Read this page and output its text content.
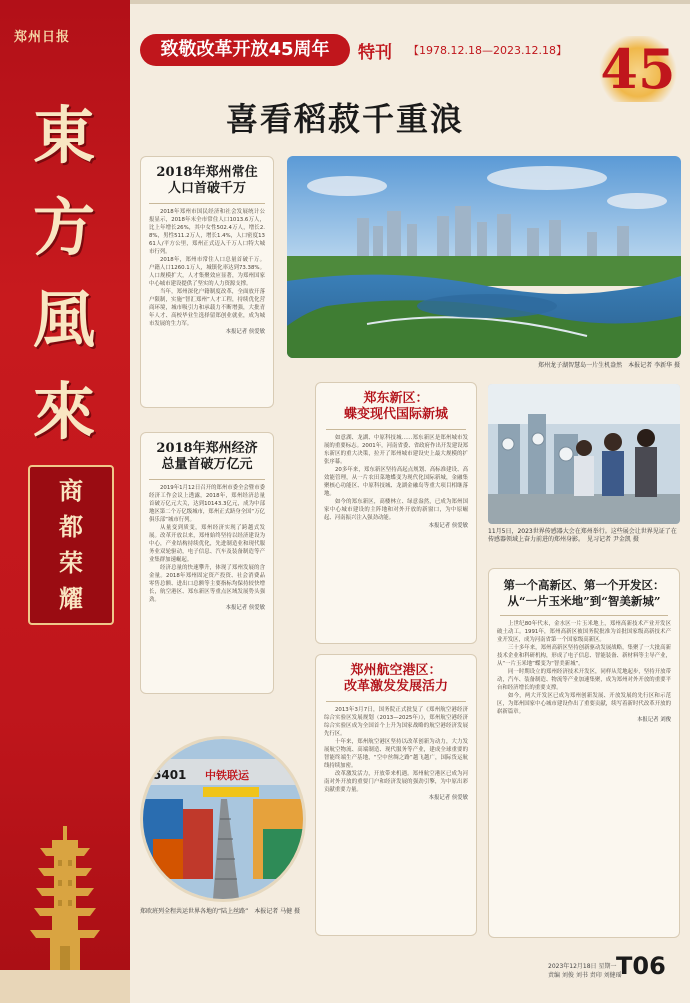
郑州日报
東方風來
商都荣耀
致敬改革开放45周年	特刊 【1978.12.18—2023.12.18】 45
喜看稻菽千重浪
2018年郑州常住
人口首破千万

2018年郑州市国民经济和社会发展统计公报显示，2018年末全市常住人口1013.6万人，比上年增长26%，其中女性502.4万人，增长2.8%，男性511.2万人，增长1.4%，人口密度1361人/平方公里，郑州正式迈入千万人口特大城市行列。

2018年，郑州市常住人口总量首破千万。户籍人口1260.1万人，城镇化率达到73.38%。人口规模扩大，人才集聚效应显著，为郑州国家中心城市建设提供了坚实的人力资源支撑。

当年，郑州深化户籍制度改革，全面放开落户限制，实施“智汇郑州”人才工程，持续优化营商环境，城市吸引力和承载力不断增强，大批青年人才、高校毕业生选择留郑创业就业，成为城市发展的生力军。

本报记者 侯爱敏

2018年郑州经济
总量首破万亿元

2019年1月12日召开的郑州市委全会暨市委经济工作会议上透露，2018年，郑州经济总量首破万亿元大关，达到10143.3亿元，成为中部地区第二个万亿级城市，郑州正式跻身全国“万亿俱乐部”城市行列。

从量变到质变，郑州经济实现了跨越式发展。改革开放以来，郑州始终坚持以经济建设为中心，产业结构持续优化，先进制造业和现代服务业双轮驱动，电子信息、汽车及装备制造等产业集群加速崛起。

经济总量的快速攀升，体现了郑州发展的含金量。2018年郑州固定资产投资、社会消费品零售总额、进出口总额等主要指标均保持较快增长，航空港区、郑东新区等重点区域发展势头强劲。

本报记者 侯爱敏

郑州龙子湖智慧岛一片生机盎然　本报记者 李新华 摄
郑东新区：
蝶变现代国际新城

如意湖、龙湖、中原科技城……郑东新区是郑州城市发展的重要标志。2001年，河南省委、省政府作出开发建设郑东新区的重大决策，拉开了郑州城市建设史上最大规模的扩张序幕。

20多年来，郑东新区坚持高起点规划、高标准建设、高效能管理，从一片农田菜地蝶变为现代化国际新城，金融集聚核心功能区、中原科技城、龙湖金融岛等重大项目相继落地。

如今的郑东新区，高楼林立、绿意盎然，已成为郑州国家中心城市建设的主阵地和对外开放的新窗口，为中原崛起、河南振兴注入强劲动能。

本报记者 侯爱敏

11月5日，2023世界传感器大会在郑州举行。这些展会让世界见证了在传感器领域上奋力前进的郑州身影。　见习记者 尹金凯 摄
郑州航空港区：
改革激发发展活力

2013年3月7日，国务院正式批复了《郑州航空港经济综合实验区发展规划（2013—2025年）》，郑州航空港经济综合实验区成为全国首个上升为国家战略的航空港经济发展先行区。

十年来，郑州航空港区坚持以改革创新为动力，大力发展航空物流、高端制造、现代服务等产业，建成全球重要的智能终端生产基地，“空中丝绸之路”越飞越广，国际货运航线持续加密。

改革激发活力，开放带来机遇。郑州航空港区已成为河南对外开放的重要门户和经济发展的强劲引擎，为中原出彩贡献重要力量。

本报记者 侯爱敏

第一个高新区、第一个开发区：
从“一片玉米地”到“智美新城”

上世纪80年代末，金水区一片玉米地上，郑州高新技术产业开发区破土动工。1991年，郑州高新区被国务院批准为首批国家级高新技术产业开发区，成为河南省第一个国家级高新区。

三十多年来，郑州高新区坚持创新驱动发展战略，集聚了一大批高新技术企业和科研机构，形成了电子信息、智能装备、新材料等主导产业，从“一片玉米地”蝶变为“智美新城”。

同一时期设立的郑州经济技术开发区，同样从荒地起步，坚持开放带动，汽车、装备制造、物流等产业加速集聚，成为郑州对外开放的重要平台和经济增长的重要支撑。

如今，两大开发区已成为郑州创新发展、开放发展的先行区和示范区，为郑州国家中心城市建设作出了重要贡献，续写着新时代改革开放的崭新篇章。

本报记者 刘俊

5401 中铁联运
郑欧班列全程共运世界各地的“陆上丝路”　本报记者 马健 摄
2023年12月18日 星期一
责编 刘俊 刘书 责印 刘健瑶
T06
